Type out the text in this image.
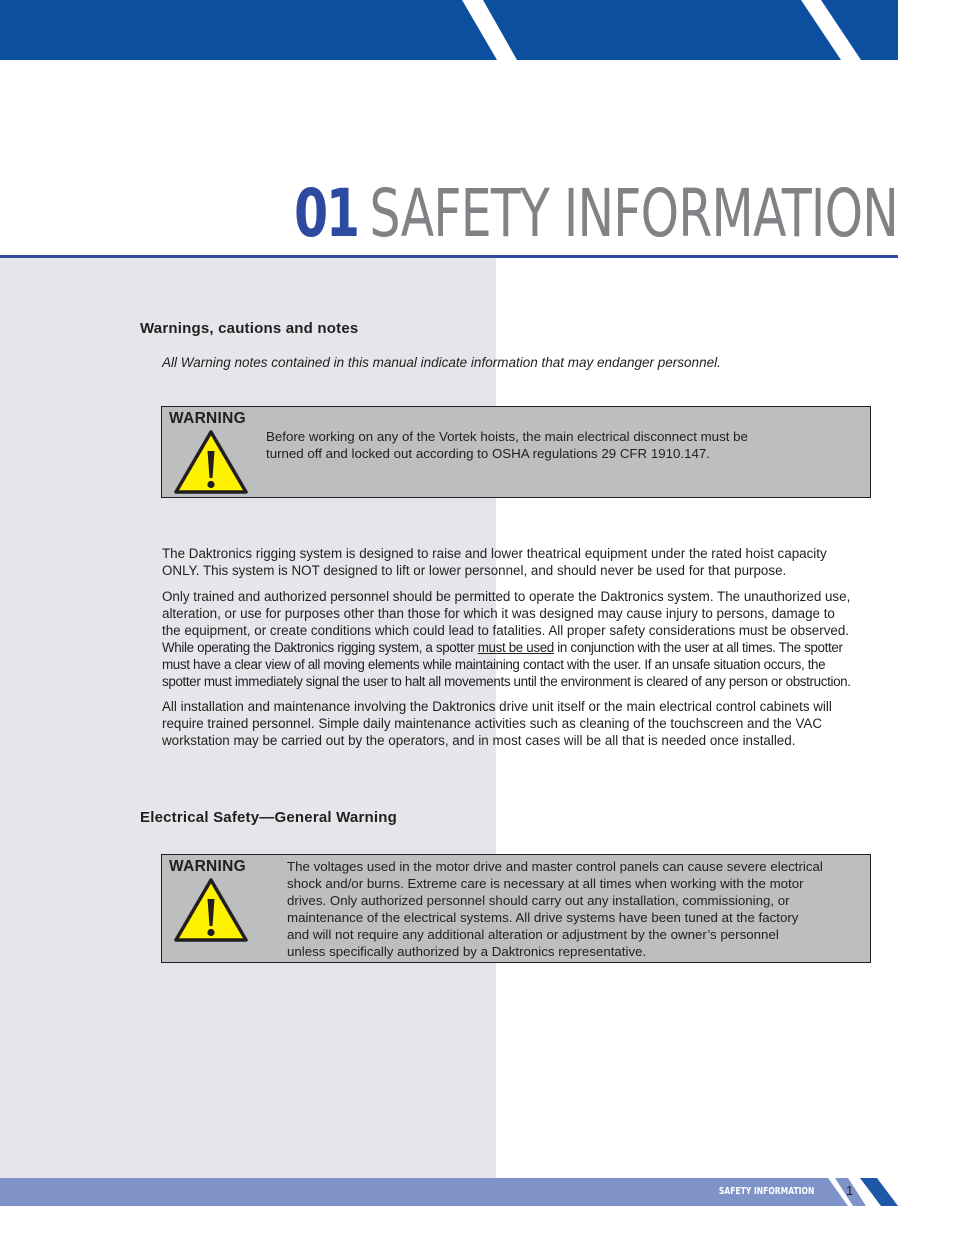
01 SAFETY INFORMATION
Warnings, cautions and notes

All Warning notes contained in this manual indicate information that may endanger personnel.

WARNING

Before working on any of the Vortek hoists, the main electrical disconnect must be
turned off and locked out according to OSHA regulations 29 CFR 1910.147.

The Daktronics rigging system is designed to raise and lower theatrical equipment under the rated hoist capacity
ONLY. This system is NOT designed to lift or lower personnel, and should never be used for that purpose.

Only trained and authorized personnel should be permitted to operate the Daktronics system. The unauthorized use,
alteration, or use for purposes other than those for which it was designed may cause injury to persons, damage to
the equipment, or create conditions which could lead to fatalities. All proper safety considerations must be observed.
While operating the Daktronics rigging system, a spotter must be used in conjunction with the user at all times. The spotter
must have a clear view of all moving elements while maintaining contact with the user. If an unsafe situation occurs, the
spotter must immediately signal the user to halt all movements until the environment is cleared of any person or obstruction.

All installation and maintenance involving the Daktronics drive unit itself or the main electrical control cabinets will
require trained personnel. Simple daily maintenance activities such as cleaning of the touchscreen and the VAC
workstation may be carried out by the operators, and in most cases will be all that is needed once installed.

Electrical Safety—General Warning
WARNING	The voltages used in the motor drive and master control panels can cause severe electrical
shock and/or burns. Extreme care is necessary at all times when working with the motor
drives. Only authorized personnel should carry out any installation, commissioning, or
maintenance of the electrical systems. All drive systems have been tuned at the factory
and will not require any additional alteration or adjustment by the owner’s personnel
unless specifically authorized by a Daktronics representative.

SAFETY INFORMATION 1
